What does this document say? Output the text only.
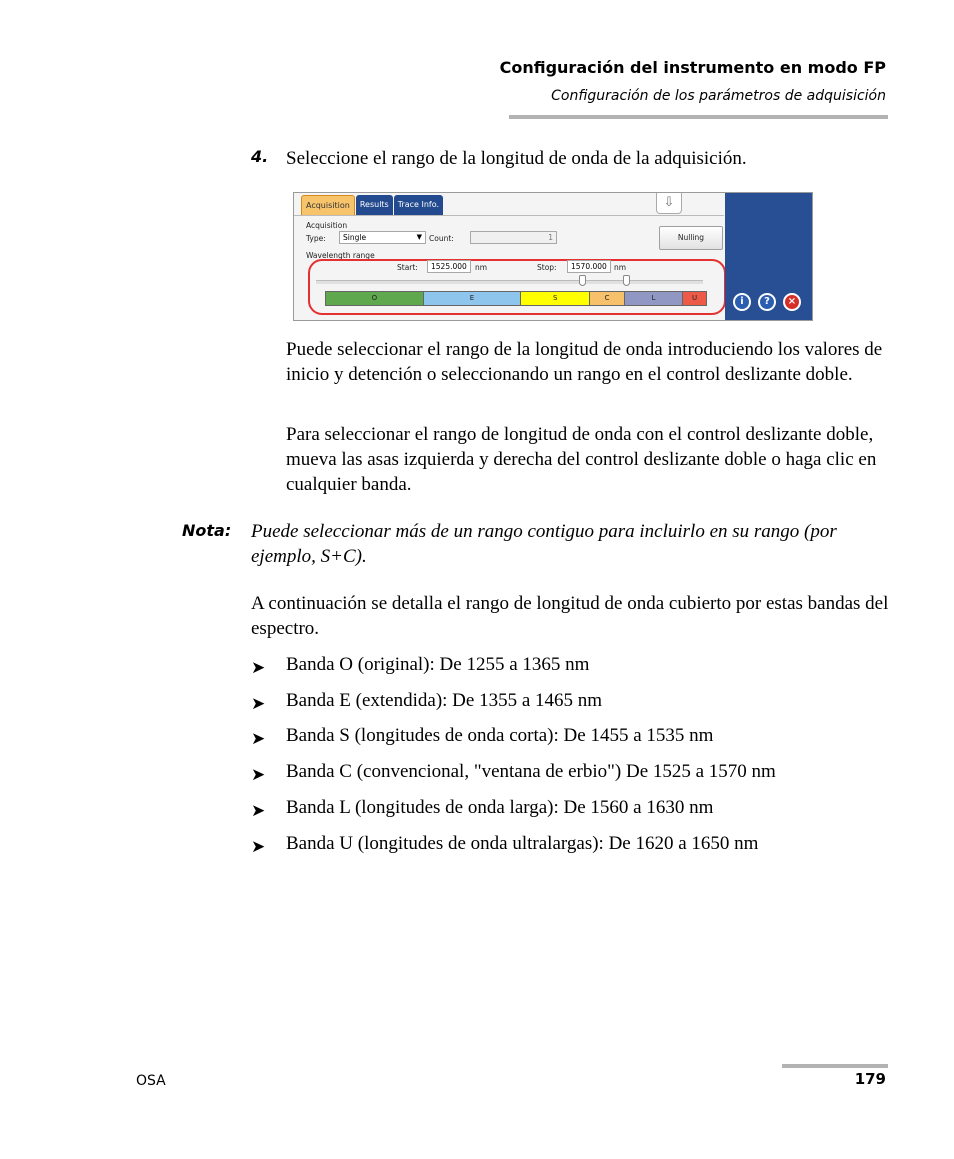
Configuración del instrumento en modo FP
Configuración de los parámetros de adquisición
4. Seleccione el rango de la longitud de onda de la adquisición.
Acquisition	Results	Trace Info.	⇩
Acquisition
Type:	Single	▼ Count:	1	Nulling
Wavelength range
Start:	1525.000	nm	Stop:	1570.000 nm
O	E	S	C	L	U	i	?	×
Puede seleccionar el rango de la longitud de onda introduciendo los valores de inicio y detención o seleccionando un rango en el control deslizante doble.
Para seleccionar el rango de longitud de onda con el control deslizante doble, mueva las asas izquierda y derecha del control deslizante doble o haga clic en cualquier banda.
Nota: Puede seleccionar más de un rango contiguo para incluirlo en su rango (por ejemplo, S+C).
A continuación se detalla el rango de longitud de onda cubierto por estas bandas del espectro.
➤ Banda O (original): De 1255 a 1365 nm
➤ Banda E (extendida): De 1355 a 1465 nm
➤ Banda S (longitudes de onda corta): De 1455 a 1535 nm
➤ Banda C (convencional, "ventana de erbio") De 1525 a 1570 nm
➤ Banda L (longitudes de onda larga): De 1560 a 1630 nm
➤ Banda U (longitudes de onda ultralargas): De 1620 a 1650 nm
OSA	179
